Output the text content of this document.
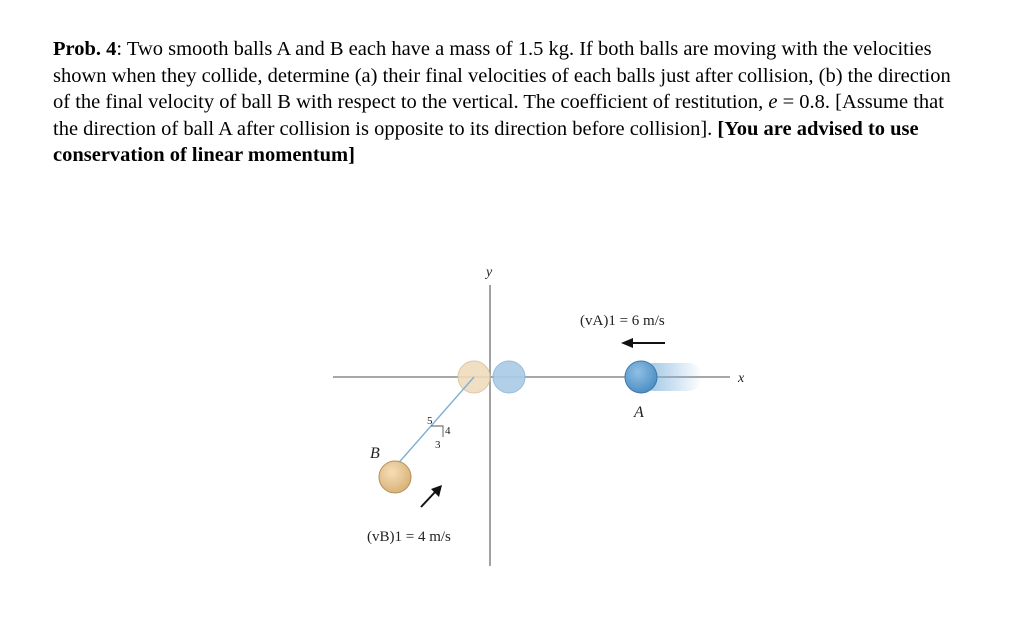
Prob. 4: Two smooth balls A and B each have a mass of 1.5 kg. If both balls are moving with the velocities shown when they collide, determine (a) their final velocities of each balls just after collision, (b) the direction of the final velocity of ball B with respect to the vertical. The coefficient of restitution, e = 0.8. [Assume that the direction of ball A after collision is opposite to its direction before collision]. [You are advised to use conservation of linear momentum]
y
x
A
(vA)1 = 6 m/s
5
4
3
B
(vB)1 = 4 m/s
